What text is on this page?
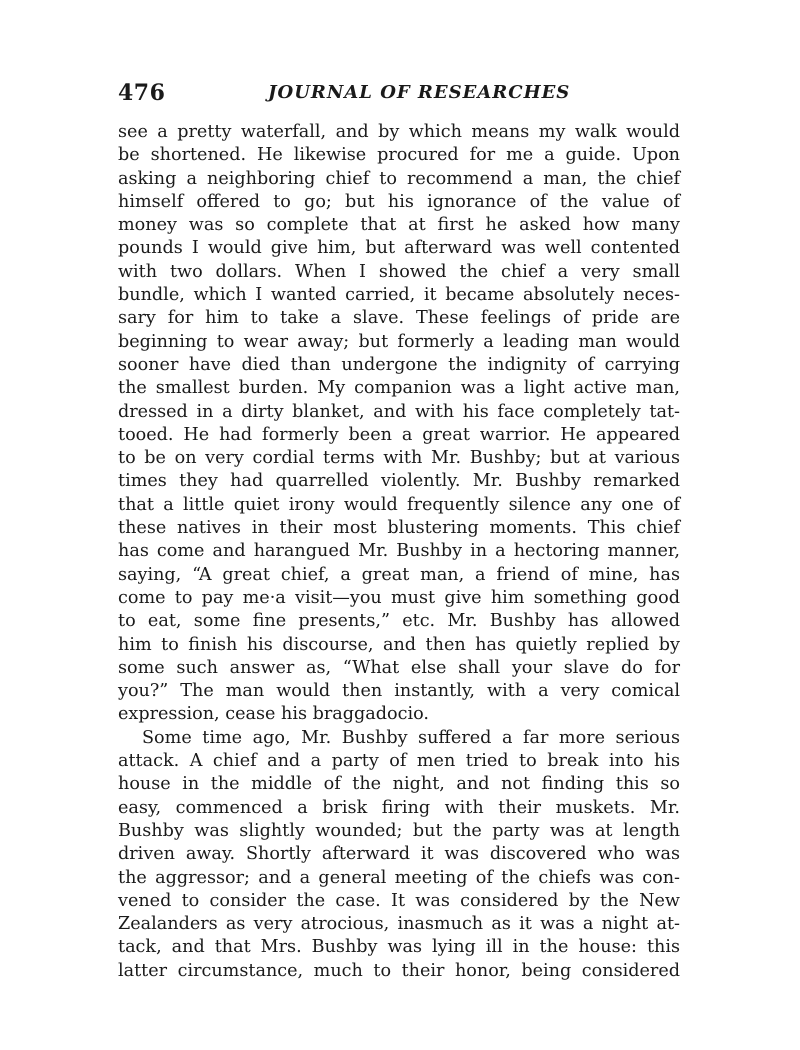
476	JOURNAL OF RESEARCHES
see a pretty waterfall, and by which means my walk would
be shortened. He likewise procured for me a guide. Upon
asking a neighboring chief to recommend a man, the chief
himself offered to go; but his ignorance of the value of
money was so complete that at first he asked how many
pounds I would give him, but afterward was well contented
with two dollars. When I showed the chief a very small
bundle, which I wanted carried, it became absolutely neces-
sary for him to take a slave. These feelings of pride are
beginning to wear away; but formerly a leading man would
sooner have died than undergone the indignity of carrying
the smallest burden. My companion was a light active man,
dressed in a dirty blanket, and with his face completely tat-
tooed. He had formerly been a great warrior. He appeared
to be on very cordial terms with Mr. Bushby; but at various
times they had quarrelled violently. Mr. Bushby remarked
that a little quiet irony would frequently silence any one of
these natives in their most blustering moments. This chief
has come and harangued Mr. Bushby in a hectoring manner,
saying, “A great chief, a great man, a friend of mine, has
come to pay me·a visit—you must give him something good
to eat, some fine presents,” etc. Mr. Bushby has allowed
him to finish his discourse, and then has quietly replied by
some such answer as, “What else shall your slave do for
you?” The man would then instantly, with a very comical
expression, cease his braggadocio.
Some time ago, Mr. Bushby suffered a far more serious
attack. A chief and a party of men tried to break into his
house in the middle of the night, and not finding this so
easy, commenced a brisk firing with their muskets. Mr.
Bushby was slightly wounded; but the party was at length
driven away. Shortly afterward it was discovered who was
the aggressor; and a general meeting of the chiefs was con-
vened to consider the case. It was considered by the New
Zealanders as very atrocious, inasmuch as it was a night at-
tack, and that Mrs. Bushby was lying ill in the house: this
latter circumstance, much to their honor, being considered
